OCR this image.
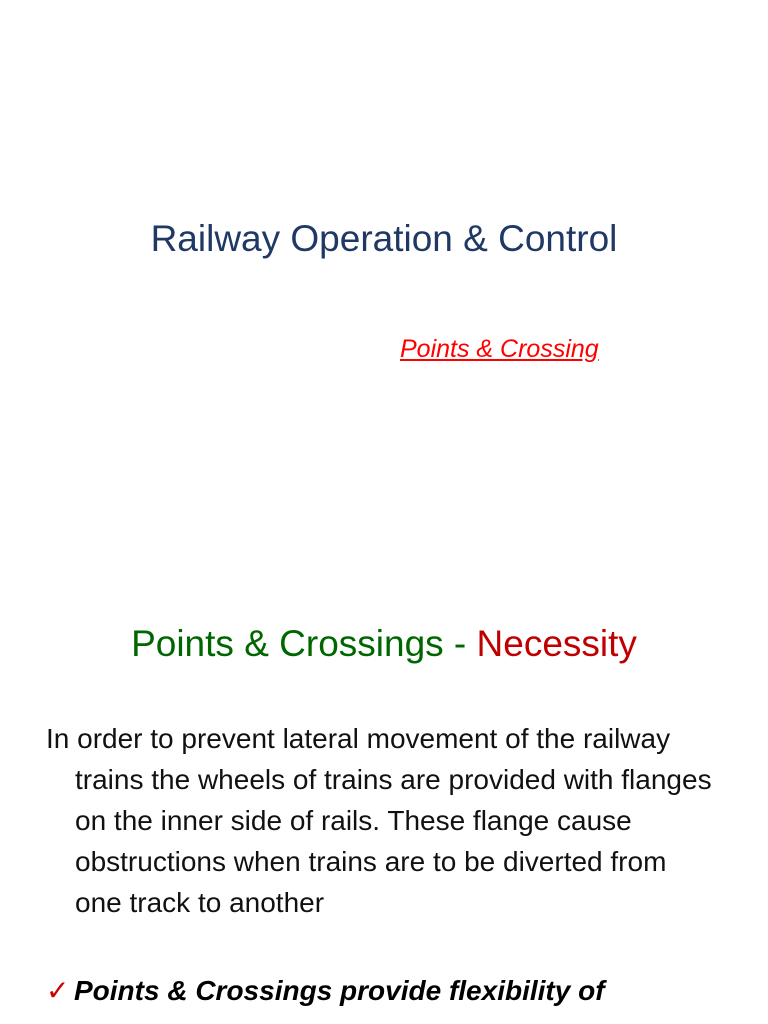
Railway Operation & Control

Points & Crossing

Points & Crossings - Necessity

In order to prevent lateral movement of the railway trains the wheels of trains are provided with flanges on the inner side of rails. These flange cause obstructions when trains are to be diverted from one track to another

✓ Points & Crossings provide flexibility of
